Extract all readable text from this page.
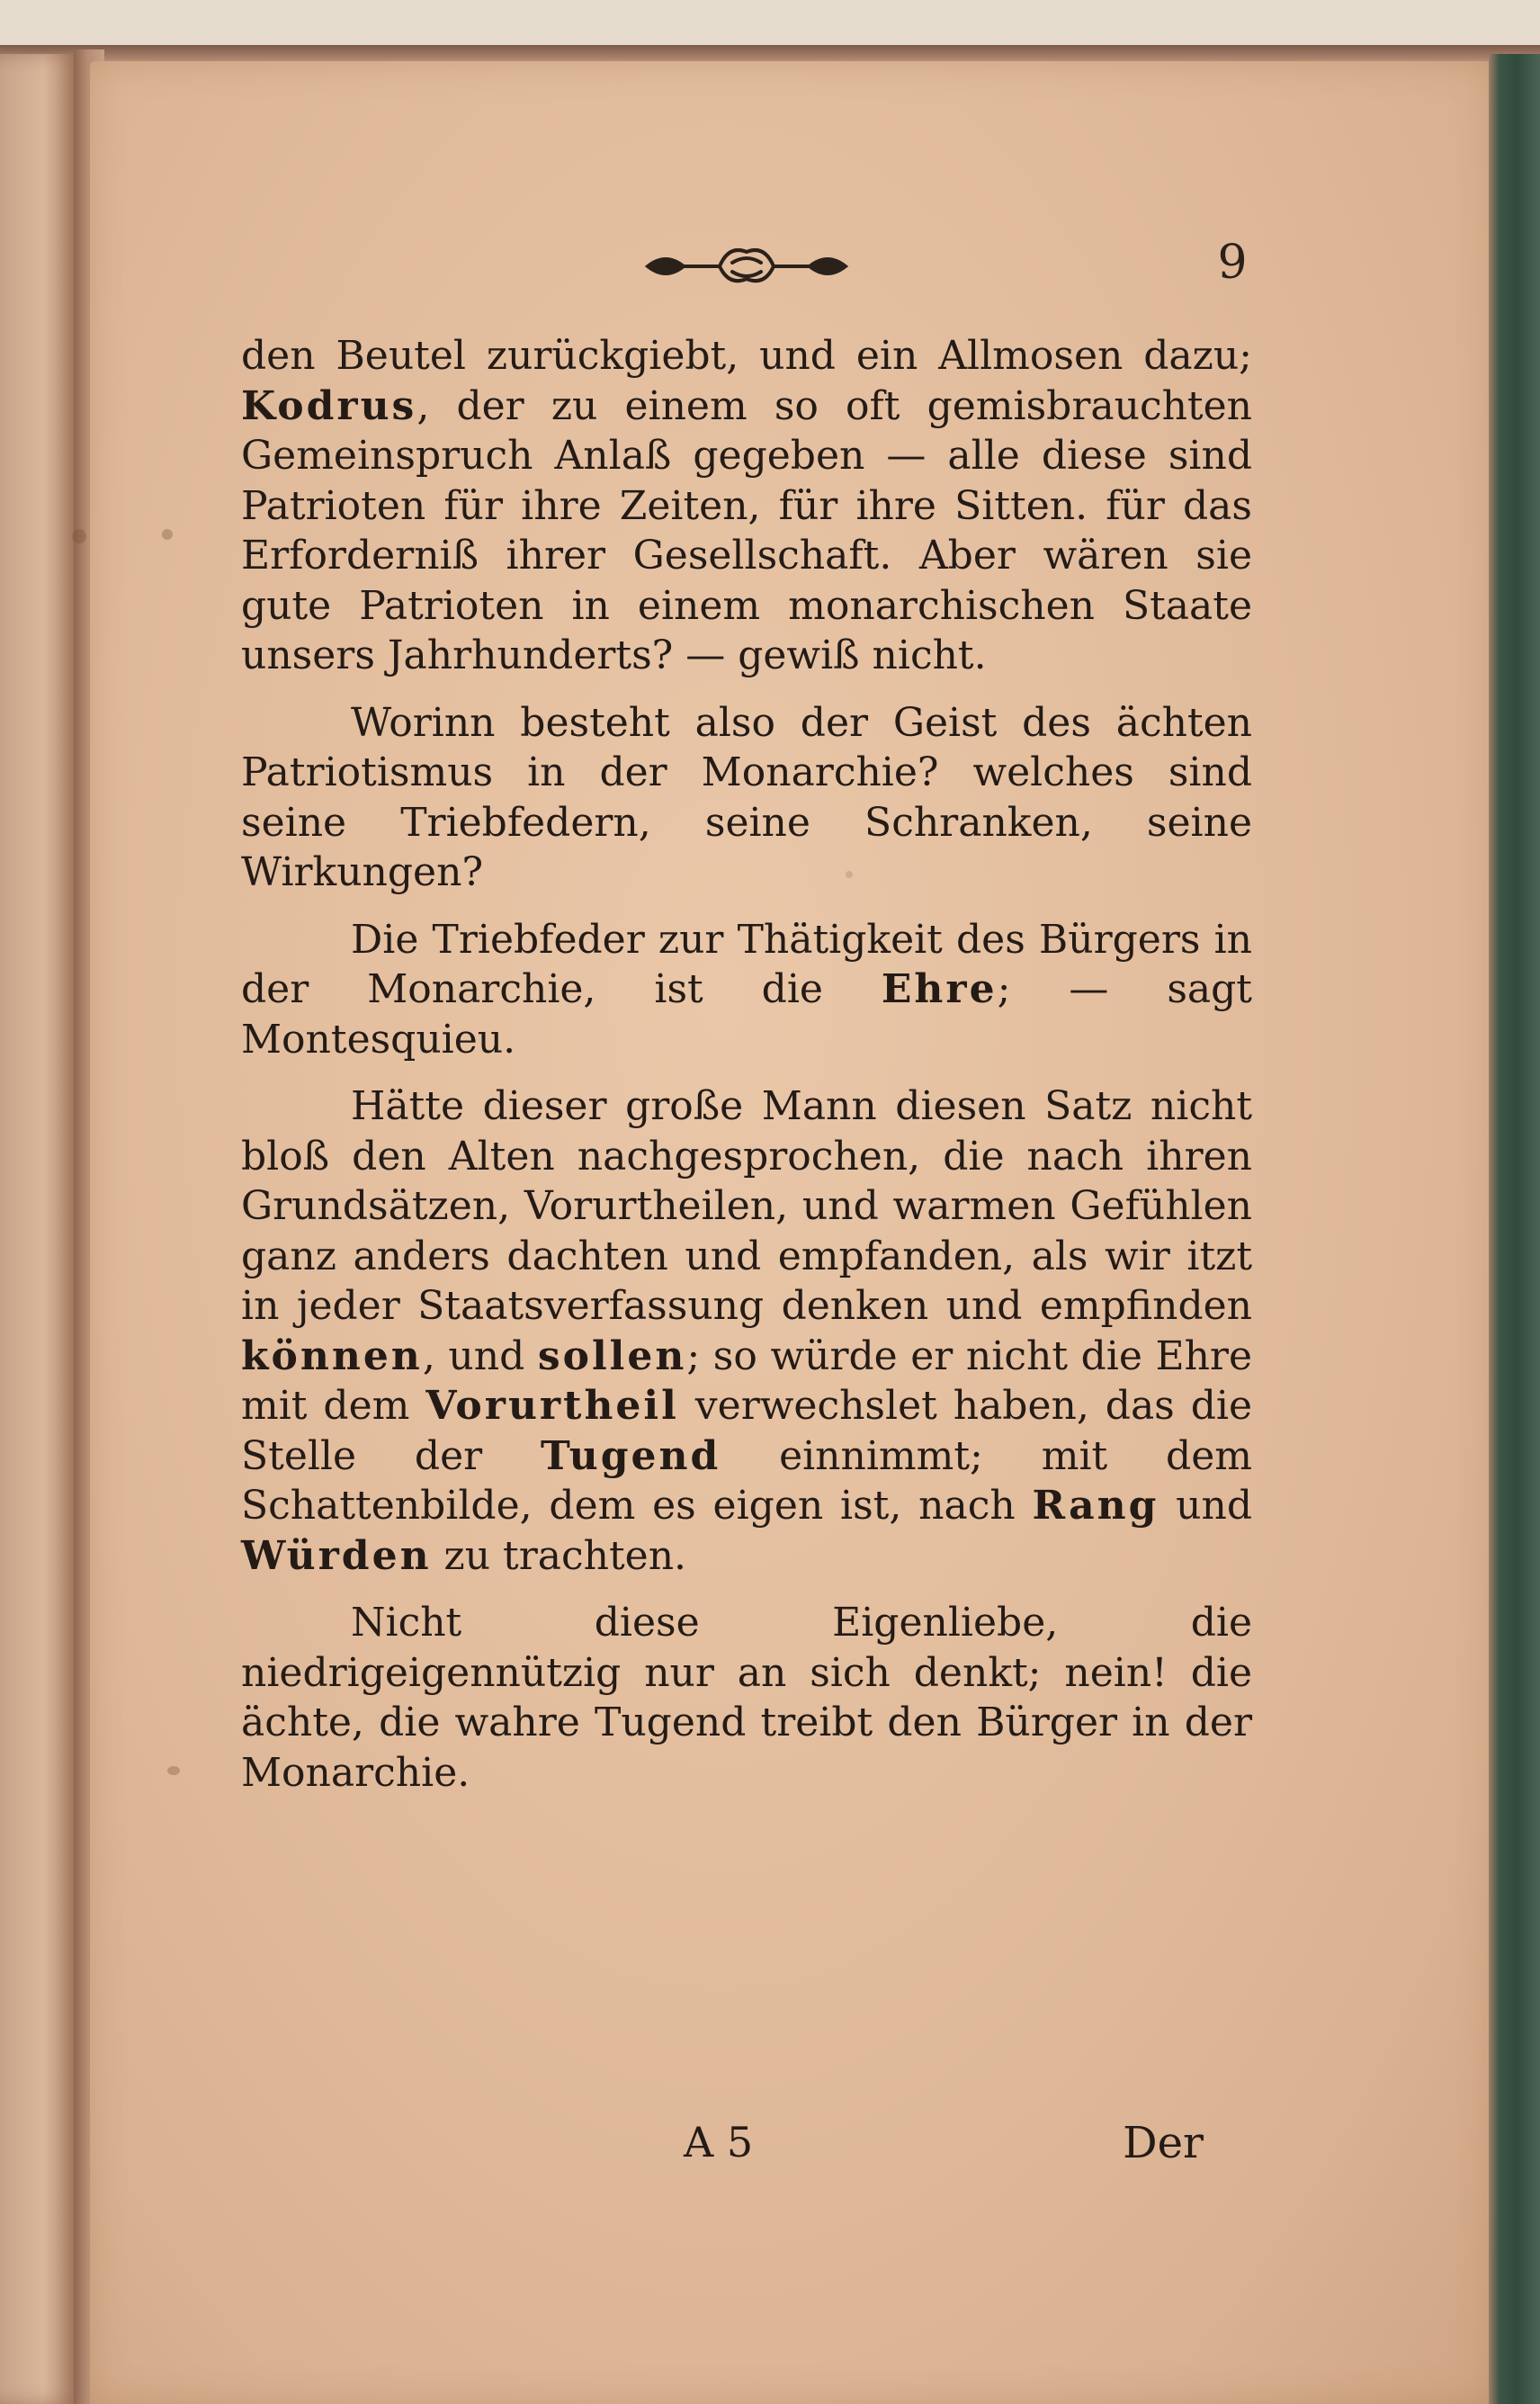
9

den Beutel zurückgiebt, und ein Allmosen dazu; Kodrus, der zu einem so oft gemisbrauchten Gemeinspruch Anlaß gegeben — alle diese sind Patrioten für ihre Zeiten, für ihre Sitten. für das Erforderniß ihrer Gesellschaft. Aber wären sie gute Patrioten in einem monarchischen Staate unsers Jahrhunderts? — gewiß nicht.

Worinn besteht also der Geist des ächten Patriotismus in der Monarchie? welches sind seine Triebfedern, seine Schranken, seine Wirkungen?

Die Triebfeder zur Thätigkeit des Bürgers in der Monarchie, ist die Ehre; — sagt Montesquieu.

Hätte dieser große Mann diesen Satz nicht bloß den Alten nachgesprochen, die nach ihren Grundsätzen, Vorurtheilen, und warmen Gefühlen ganz anders dachten und empfanden, als wir itzt in jeder Staatsverfassung denken und empfinden können, und sollen; so würde er nicht die Ehre mit dem Vorurtheil verwechslet haben, das die Stelle der Tugend einnimmt; mit dem Schattenbilde, dem es eigen ist, nach Rang und Würden zu trachten.

Nicht diese Eigenliebe, die niedrigeigennützig nur an sich denkt; nein! die ächte, die wahre Tugend treibt den Bürger in der Monarchie.

A 5	Der
